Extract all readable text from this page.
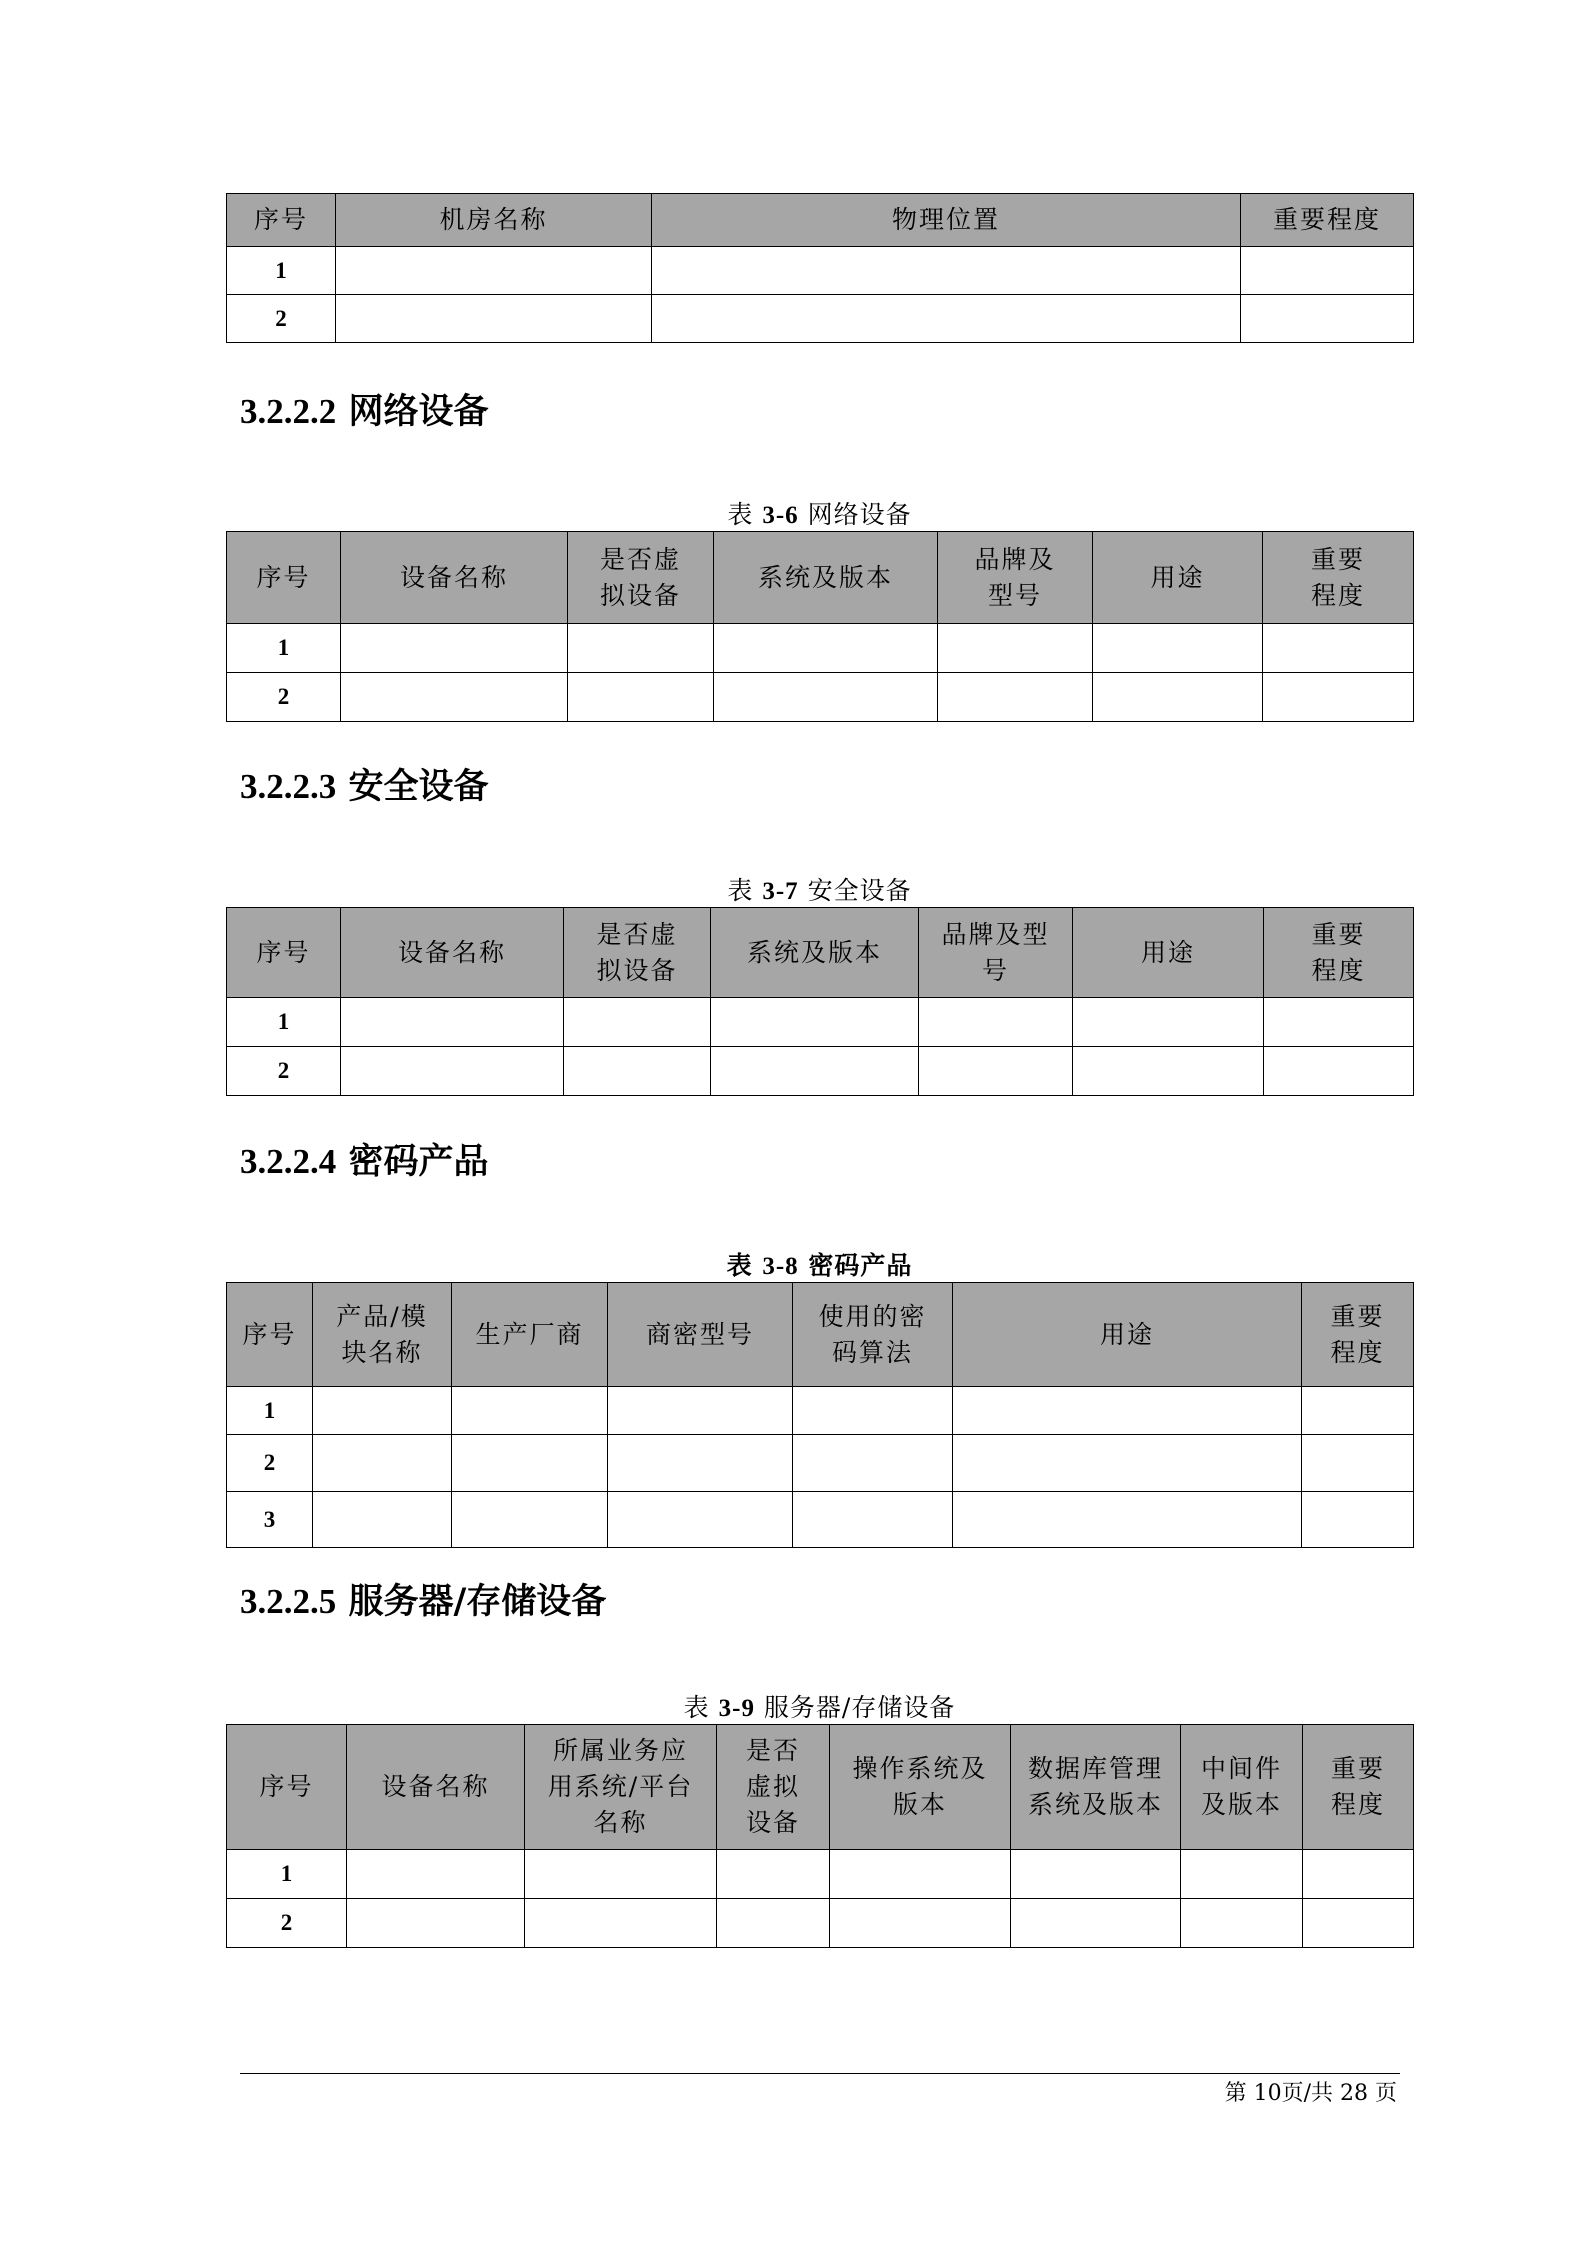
序号	机房名称	物理位置	重要程度
1			
2			
3.2.2.2 网络设备
表 3-6 网络设备
序号	设备名称	是否虚拟设备	系统及版本	品牌及型号	用途	重要程度
1						
2						
3.2.2.3 安全设备
表 3-7 安全设备
序号	设备名称	是否虚拟设备	系统及版本	品牌及型号	用途	重要程度
1						
2						
3.2.2.4 密码产品
表 3-8 密码产品
序号	产品/模块名称	生产厂商	商密型号	使用的密码算法	用途	重要程度
1						
2						
3						
3.2.2.5 服务器/存储设备
表 3-9 服务器/存储设备
序号	设备名称	所属业务应用系统/平台名称	是否虚拟设备	操作系统及版本	数据库管理系统及版本	中间件及版本	重要程度
1							
2							
第 10页/共 28 页
